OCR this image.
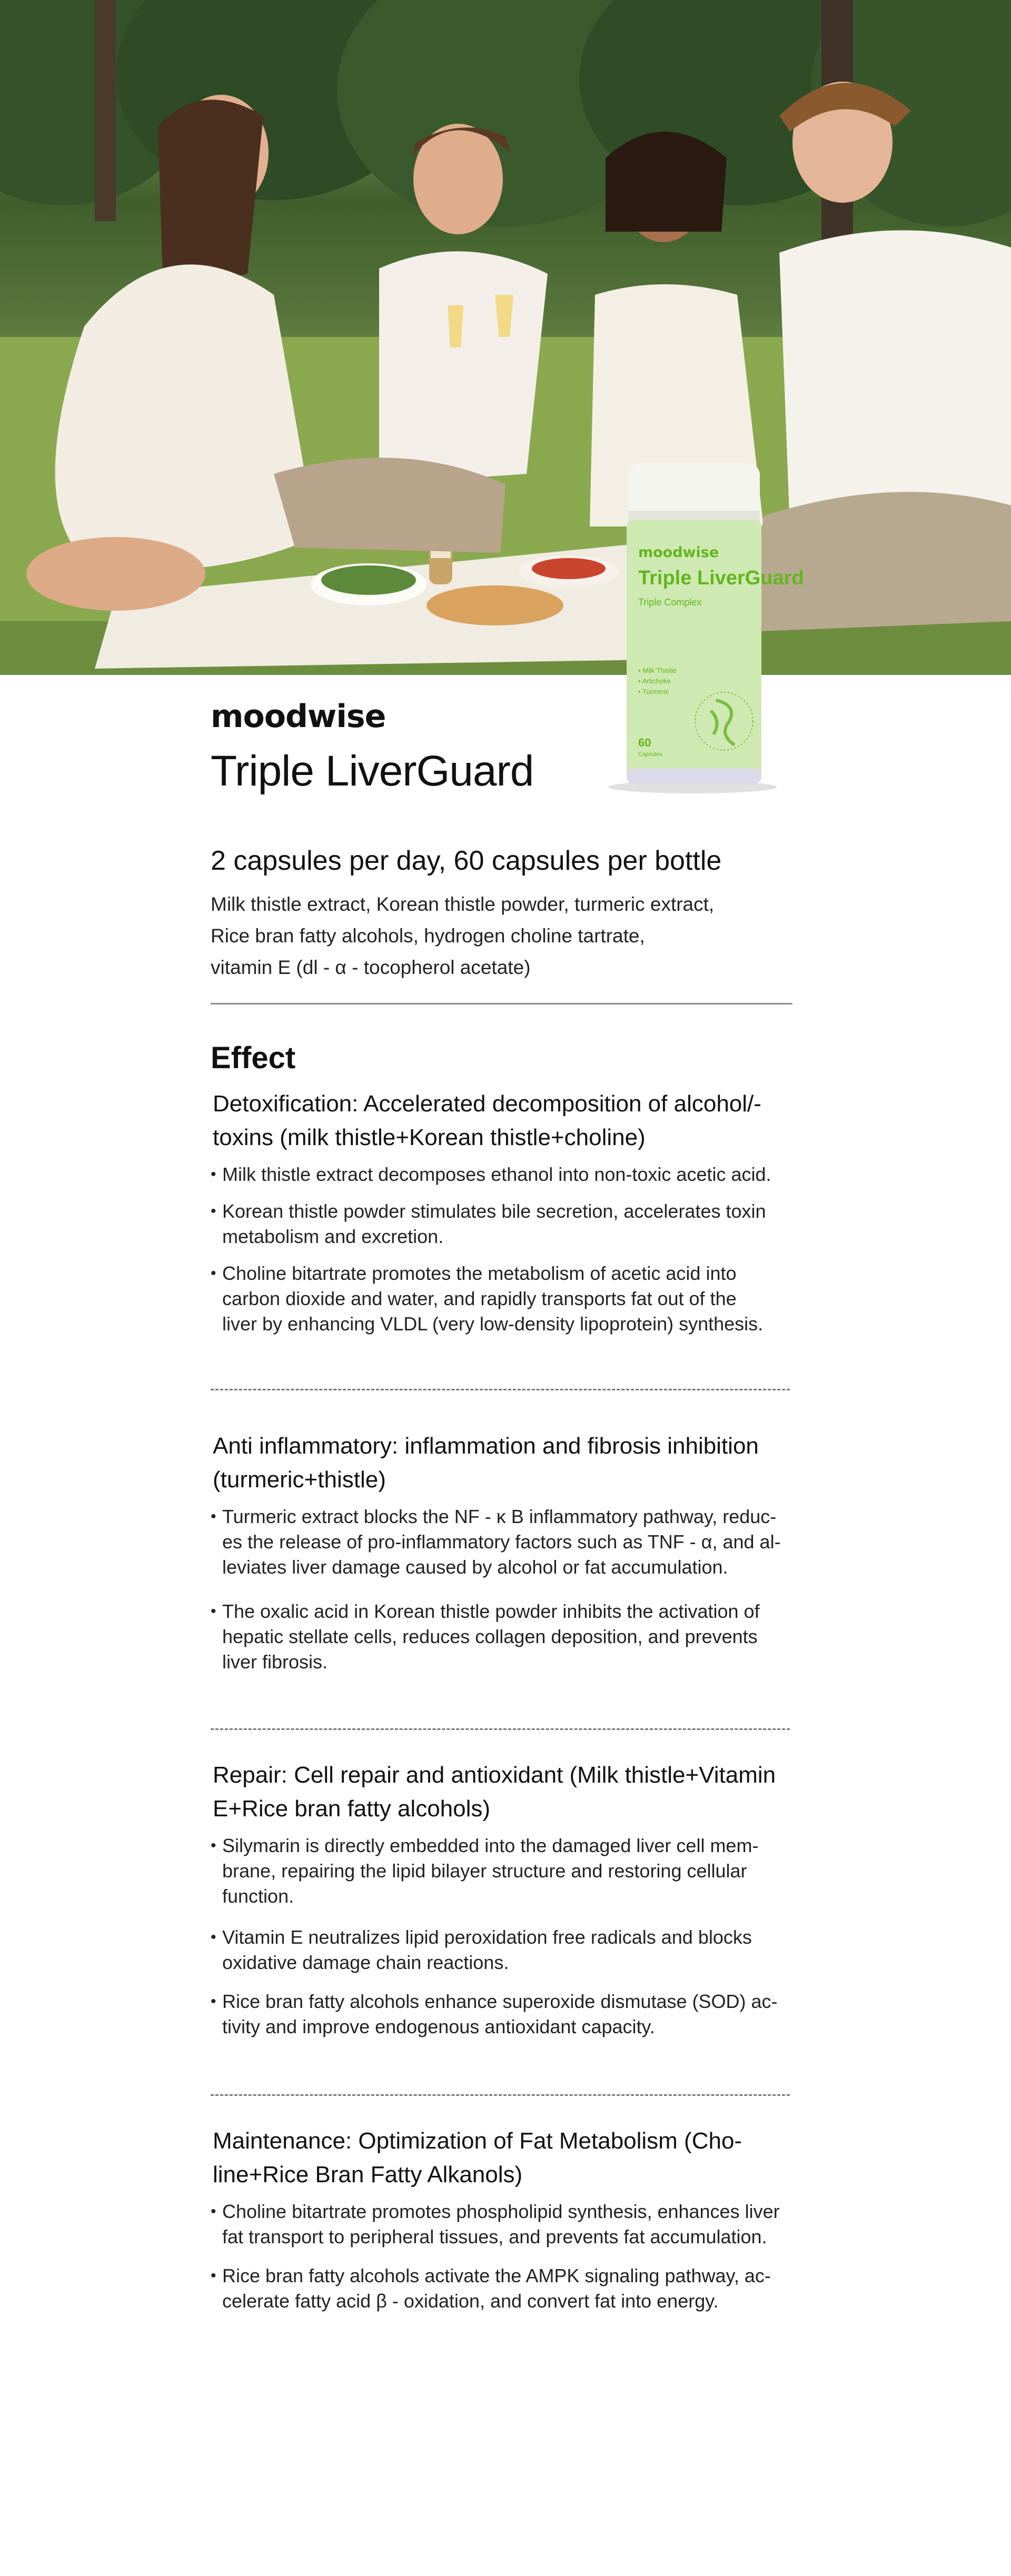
moodwise
Triple LiverGuard
Triple Complex
• Milk Thistle
• Artichoke
• Turmeric
60
Capsules
moodwise
Triple LiverGuard
2 capsules per day, 60 capsules per bottle
Milk thistle extract, Korean thistle powder, turmeric extract,
Rice bran fatty alcohols, hydrogen choline tartrate,
vitamin E (dl - α - tocopherol acetate)
Effect
Detoxification: Accelerated decomposition of alcohol/-
toxins (milk thistle+Korean thistle+choline)
• Milk thistle extract decomposes ethanol into non-toxic acetic acid.
• Korean thistle powder stimulates bile secretion, accelerates toxin
metabolism and excretion.
• Choline bitartrate promotes the metabolism of acetic acid into
carbon dioxide and water, and rapidly transports fat out of the
liver by enhancing VLDL (very low-density lipoprotein) synthesis.
Anti inflammatory: inflammation and fibrosis inhibition
(turmeric+thistle)
• Turmeric extract blocks the NF - κ B inflammatory pathway, reduc-
es the release of pro-inflammatory factors such as TNF - α, and al-
leviates liver damage caused by alcohol or fat accumulation.
• The oxalic acid in Korean thistle powder inhibits the activation of
hepatic stellate cells, reduces collagen deposition, and prevents
liver fibrosis.
Repair: Cell repair and antioxidant (Milk thistle+Vitamin
E+Rice bran fatty alcohols)
• Silymarin is directly embedded into the damaged liver cell mem-
brane, repairing the lipid bilayer structure and restoring cellular
function.
• Vitamin E neutralizes lipid peroxidation free radicals and blocks
oxidative damage chain reactions.
• Rice bran fatty alcohols enhance superoxide dismutase (SOD) ac-
tivity and improve endogenous antioxidant capacity.
Maintenance: Optimization of Fat Metabolism (Cho-
line+Rice Bran Fatty Alkanols)
• Choline bitartrate promotes phospholipid synthesis, enhances liver
fat transport to peripheral tissues, and prevents fat accumulation.
• Rice bran fatty alcohols activate the AMPK signaling pathway, ac-
celerate fatty acid β - oxidation, and convert fat into energy.
